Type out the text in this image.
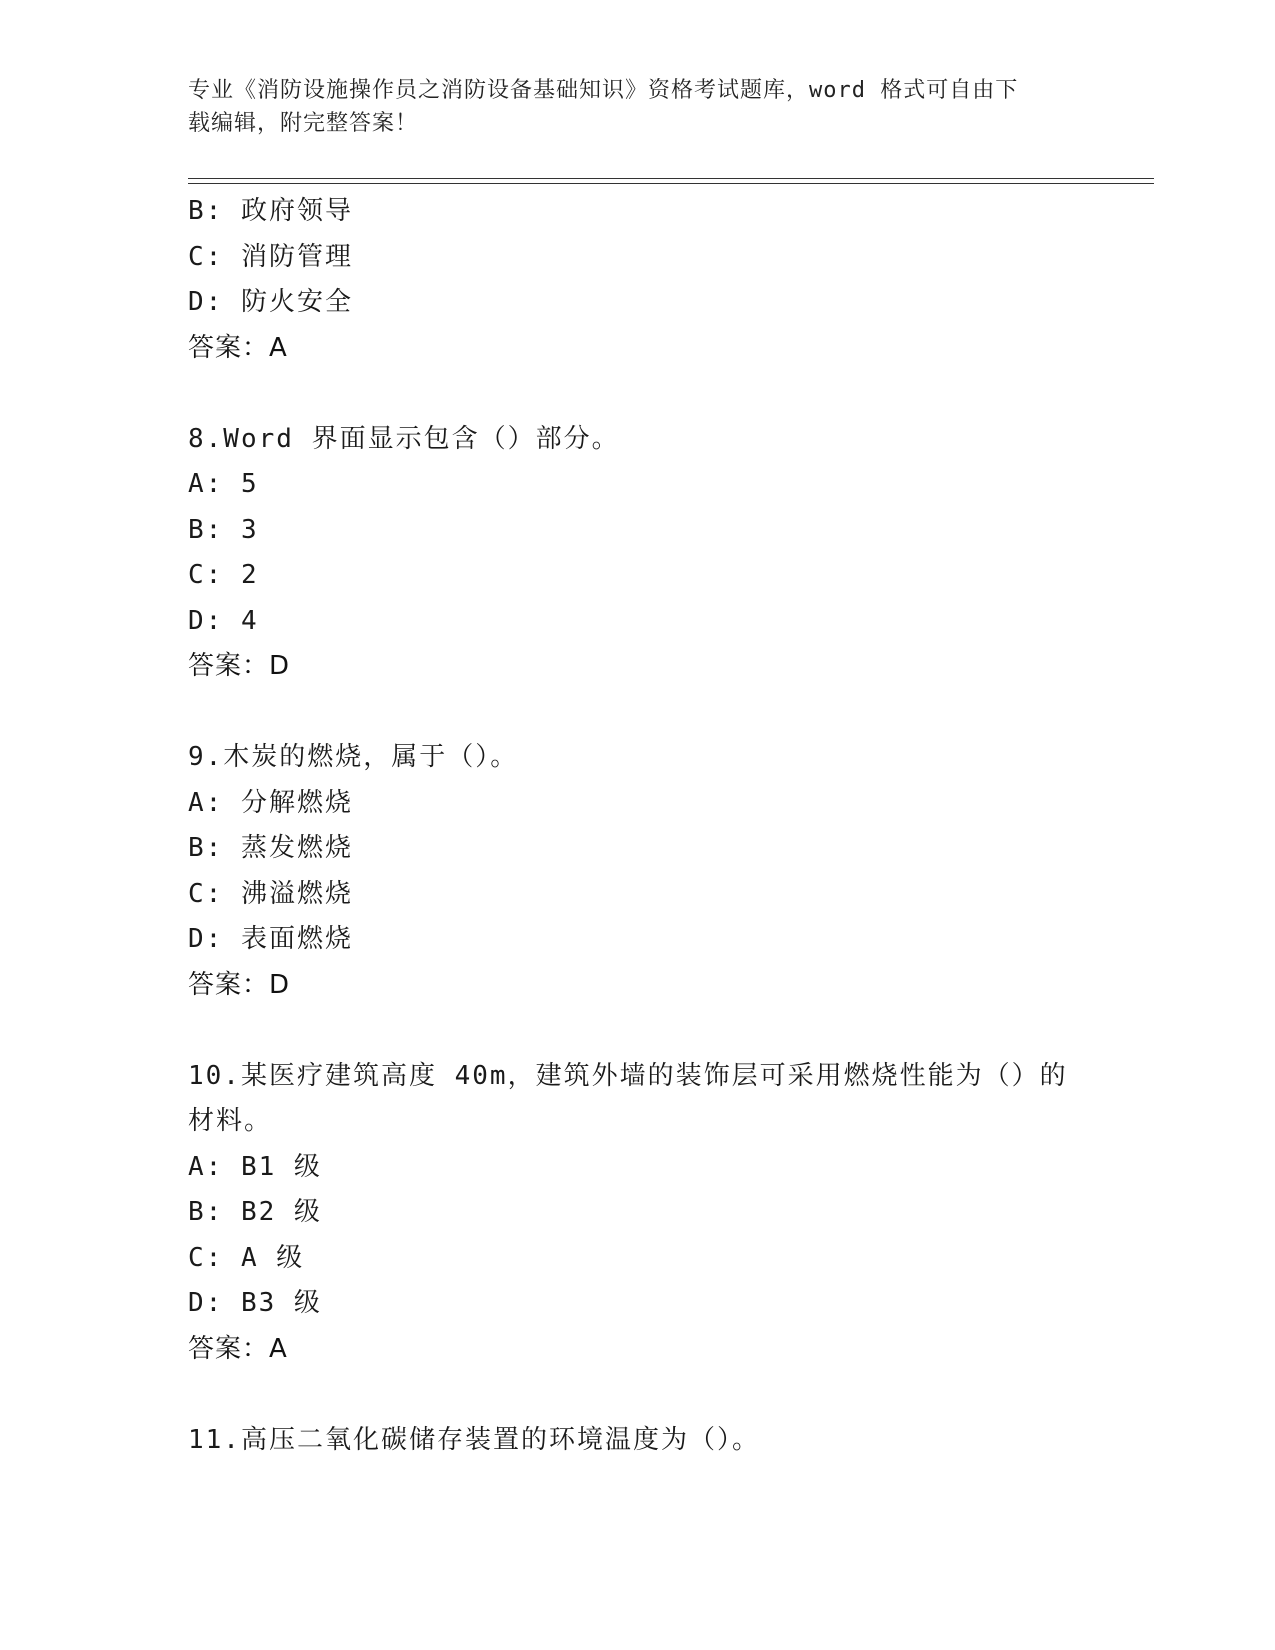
专业《消防设施操作员之消防设备基础知识》资格考试题库，word 格式可自由下
载编辑，附完整答案！
B: 政府领导
C: 消防管理
D: 防火安全
答案：A
8.Word 界面显示包含（）部分。
A: 5
B: 3
C: 2
D: 4
答案：D
9.木炭的燃烧，属于（）。
A: 分解燃烧
B: 蒸发燃烧
C: 沸溢燃烧
D: 表面燃烧
答案：D
10.某医疗建筑高度 40m，建筑外墙的装饰层可采用燃烧性能为（）的
材料。
A: B1 级
B: B2 级
C: A 级
D: B3 级
答案：A
11.高压二氧化碳储存装置的环境温度为（）。
